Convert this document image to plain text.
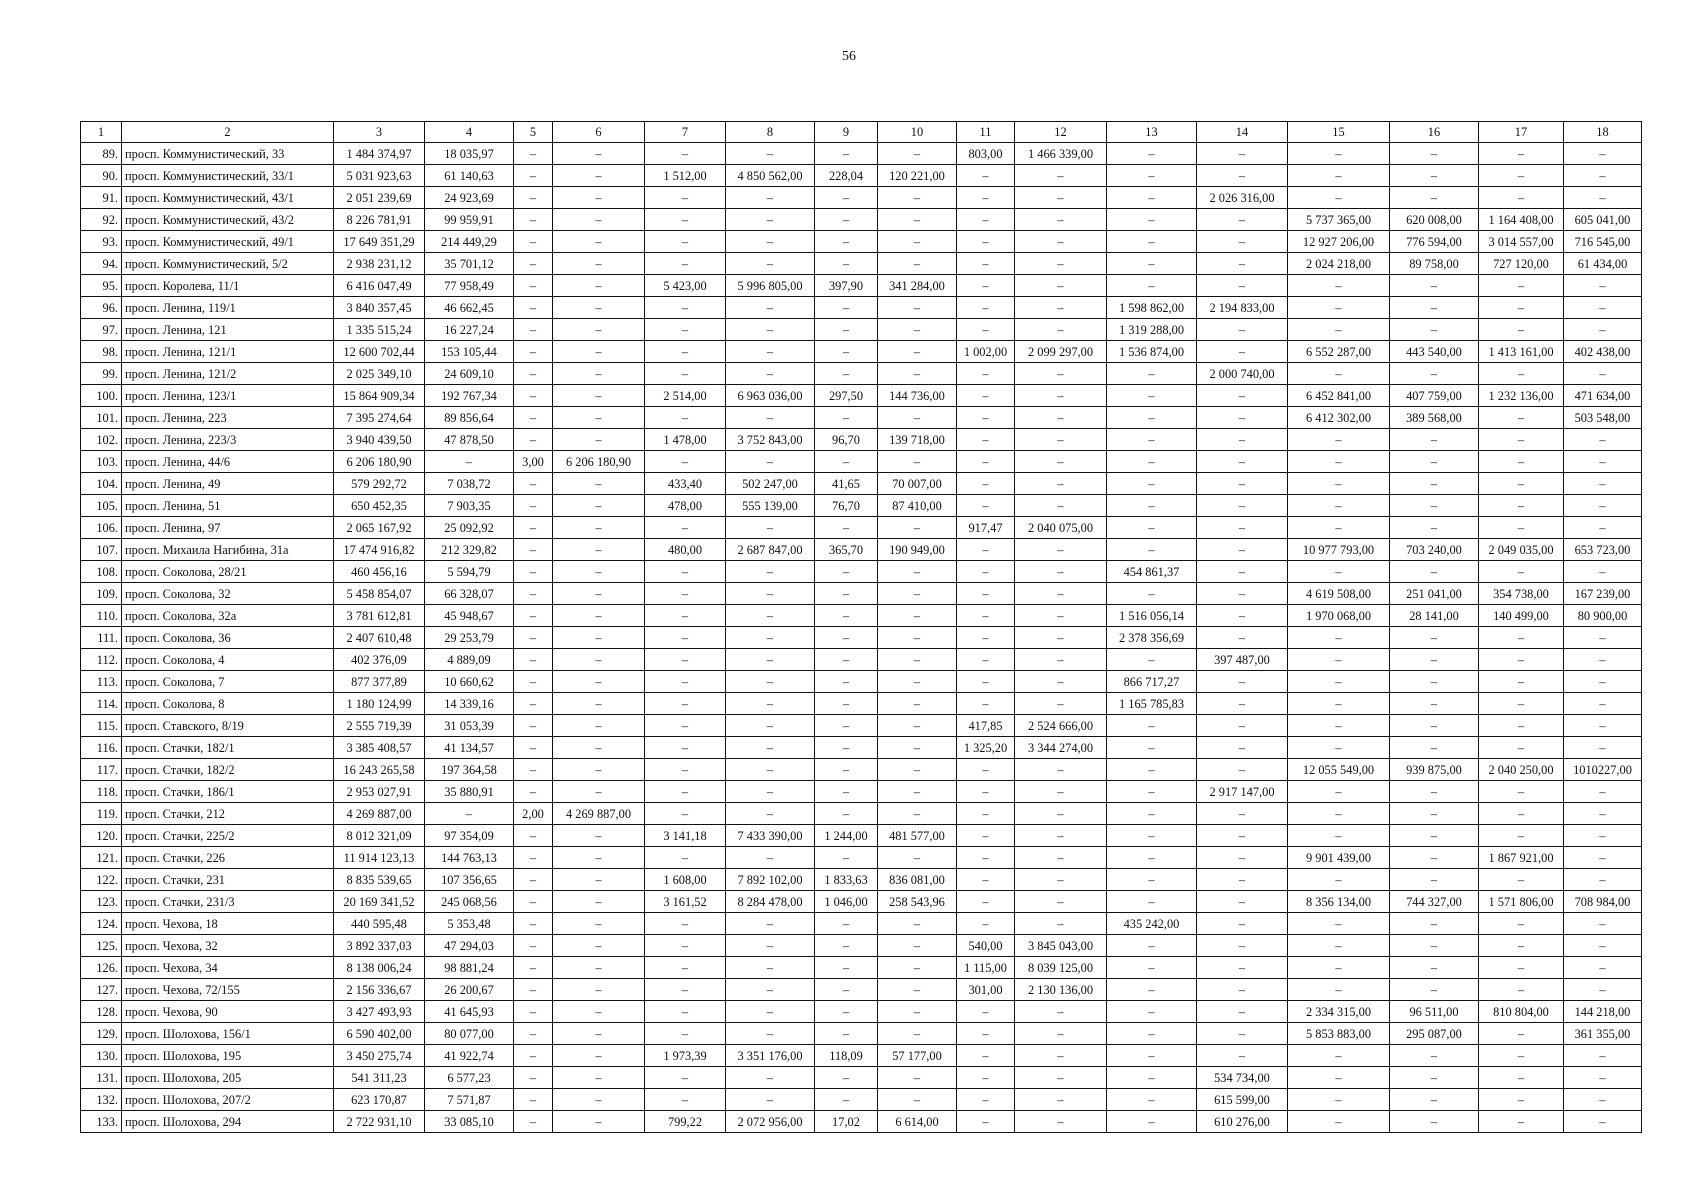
56
1	2	3	4	5	6	7	8	9	10	11	12	13	14	15	16	17	18
89.	просп. Коммунистический, 33	1 484 374,97	18 035,97	–	–	–	–	–	–	803,00	1 466 339,00	–	–	–	–	–	–
90.	просп. Коммунистический, 33/1	5 031 923,63	61 140,63	–	–	1 512,00	4 850 562,00	228,04	120 221,00	–	–	–	–	–	–	–	–
91.	просп. Коммунистический, 43/1	2 051 239,69	24 923,69	–	–	–	–	–	–	–	–	–	2 026 316,00	–	–	–	–
92.	просп. Коммунистический, 43/2	8 226 781,91	99 959,91	–	–	–	–	–	–	–	–	–	–	5 737 365,00	620 008,00	1 164 408,00	605 041,00
93.	просп. Коммунистический, 49/1	17 649 351,29	214 449,29	–	–	–	–	–	–	–	–	–	–	12 927 206,00	776 594,00	3 014 557,00	716 545,00
94.	просп. Коммунистический, 5/2	2 938 231,12	35 701,12	–	–	–	–	–	–	–	–	–	–	2 024 218,00	89 758,00	727 120,00	61 434,00
95.	просп. Королева, 11/1	6 416 047,49	77 958,49	–	–	5 423,00	5 996 805,00	397,90	341 284,00	–	–	–	–	–	–	–	–
96.	просп. Ленина, 119/1	3 840 357,45	46 662,45	–	–	–	–	–	–	–	–	1 598 862,00	2 194 833,00	–	–	–	–
97.	просп. Ленина, 121	1 335 515,24	16 227,24	–	–	–	–	–	–	–	–	1 319 288,00	–	–	–	–	–
98.	просп. Ленина, 121/1	12 600 702,44	153 105,44	–	–	–	–	–	–	1 002,00	2 099 297,00	1 536 874,00	–	6 552 287,00	443 540,00	1 413 161,00	402 438,00
99.	просп. Ленина, 121/2	2 025 349,10	24 609,10	–	–	–	–	–	–	–	–	–	2 000 740,00	–	–	–	–
100.	просп. Ленина, 123/1	15 864 909,34	192 767,34	–	–	2 514,00	6 963 036,00	297,50	144 736,00	–	–	–	–	6 452 841,00	407 759,00	1 232 136,00	471 634,00
101.	просп. Ленина, 223	7 395 274,64	89 856,64	–	–	–	–	–	–	–	–	–	–	6 412 302,00	389 568,00	–	503 548,00
102.	просп. Ленина, 223/3	3 940 439,50	47 878,50	–	–	1 478,00	3 752 843,00	96,70	139 718,00	–	–	–	–	–	–	–	–
103.	просп. Ленина, 44/6	6 206 180,90	–	3,00	6 206 180,90	–	–	–	–	–	–	–	–	–	–	–	–
104.	просп. Ленина, 49	579 292,72	7 038,72	–	–	433,40	502 247,00	41,65	70 007,00	–	–	–	–	–	–	–	–
105.	просп. Ленина, 51	650 452,35	7 903,35	–	–	478,00	555 139,00	76,70	87 410,00	–	–	–	–	–	–	–	–
106.	просп. Ленина, 97	2 065 167,92	25 092,92	–	–	–	–	–	–	917,47	2 040 075,00	–	–	–	–	–	–
107.	просп. Михаила Нагибина, 31а	17 474 916,82	212 329,82	–	–	480,00	2 687 847,00	365,70	190 949,00	–	–	–	–	10 977 793,00	703 240,00	2 049 035,00	653 723,00
108.	просп. Соколова, 28/21	460 456,16	5 594,79	–	–	–	–	–	–	–	–	454 861,37	–	–	–	–	–
109.	просп. Соколова, 32	5 458 854,07	66 328,07	–	–	–	–	–	–	–	–	–	–	4 619 508,00	251 041,00	354 738,00	167 239,00
110.	просп. Соколова, 32а	3 781 612,81	45 948,67	–	–	–	–	–	–	–	–	1 516 056,14	–	1 970 068,00	28 141,00	140 499,00	80 900,00
111.	просп. Соколова, 36	2 407 610,48	29 253,79	–	–	–	–	–	–	–	–	2 378 356,69	–	–	–	–	–
112.	просп. Соколова, 4	402 376,09	4 889,09	–	–	–	–	–	–	–	–	–	397 487,00	–	–	–	–
113.	просп. Соколова, 7	877 377,89	10 660,62	–	–	–	–	–	–	–	–	866 717,27	–	–	–	–	–
114.	просп. Соколова, 8	1 180 124,99	14 339,16	–	–	–	–	–	–	–	–	1 165 785,83	–	–	–	–	–
115.	просп. Ставского, 8/19	2 555 719,39	31 053,39	–	–	–	–	–	–	417,85	2 524 666,00	–	–	–	–	–	–
116.	просп. Стачки, 182/1	3 385 408,57	41 134,57	–	–	–	–	–	–	1 325,20	3 344 274,00	–	–	–	–	–	–
117.	просп. Стачки, 182/2	16 243 265,58	197 364,58	–	–	–	–	–	–	–	–	–	–	12 055 549,00	939 875,00	2 040 250,00	1010227,00
118.	просп. Стачки, 186/1	2 953 027,91	35 880,91	–	–	–	–	–	–	–	–	–	2 917 147,00	–	–	–	–
119.	просп. Стачки, 212	4 269 887,00	–	2,00	4 269 887,00	–	–	–	–	–	–	–	–	–	–	–	–
120.	просп. Стачки, 225/2	8 012 321,09	97 354,09	–	–	3 141,18	7 433 390,00	1 244,00	481 577,00	–	–	–	–	–	–	–	–
121.	просп. Стачки, 226	11 914 123,13	144 763,13	–	–	–	–	–	–	–	–	–	–	9 901 439,00	–	1 867 921,00	–
122.	просп. Стачки, 231	8 835 539,65	107 356,65	–	–	1 608,00	7 892 102,00	1 833,63	836 081,00	–	–	–	–	–	–	–	–
123.	просп. Стачки, 231/3	20 169 341,52	245 068,56	–	–	3 161,52	8 284 478,00	1 046,00	258 543,96	–	–	–	–	8 356 134,00	744 327,00	1 571 806,00	708 984,00
124.	просп. Чехова, 18	440 595,48	5 353,48	–	–	–	–	–	–	–	–	435 242,00	–	–	–	–	–
125.	просп. Чехова, 32	3 892 337,03	47 294,03	–	–	–	–	–	–	540,00	3 845 043,00	–	–	–	–	–	–
126.	просп. Чехова, 34	8 138 006,24	98 881,24	–	–	–	–	–	–	1 115,00	8 039 125,00	–	–	–	–	–	–
127.	просп. Чехова, 72/155	2 156 336,67	26 200,67	–	–	–	–	–	–	301,00	2 130 136,00	–	–	–	–	–	–
128.	просп. Чехова, 90	3 427 493,93	41 645,93	–	–	–	–	–	–	–	–	–	–	2 334 315,00	96 511,00	810 804,00	144 218,00
129.	просп. Шолохова, 156/1	6 590 402,00	80 077,00	–	–	–	–	–	–	–	–	–	–	5 853 883,00	295 087,00	–	361 355,00
130.	просп. Шолохова, 195	3 450 275,74	41 922,74	–	–	1 973,39	3 351 176,00	118,09	57 177,00	–	–	–	–	–	–	–	–
131.	просп. Шолохова, 205	541 311,23	6 577,23	–	–	–	–	–	–	–	–	–	534 734,00	–	–	–	–
132.	просп. Шолохова, 207/2	623 170,87	7 571,87	–	–	–	–	–	–	–	–	–	615 599,00	–	–	–	–
133.	просп. Шолохова, 294	2 722 931,10	33 085,10	–	–	799,22	2 072 956,00	17,02	6 614,00	–	–	–	610 276,00	–	–	–	–
